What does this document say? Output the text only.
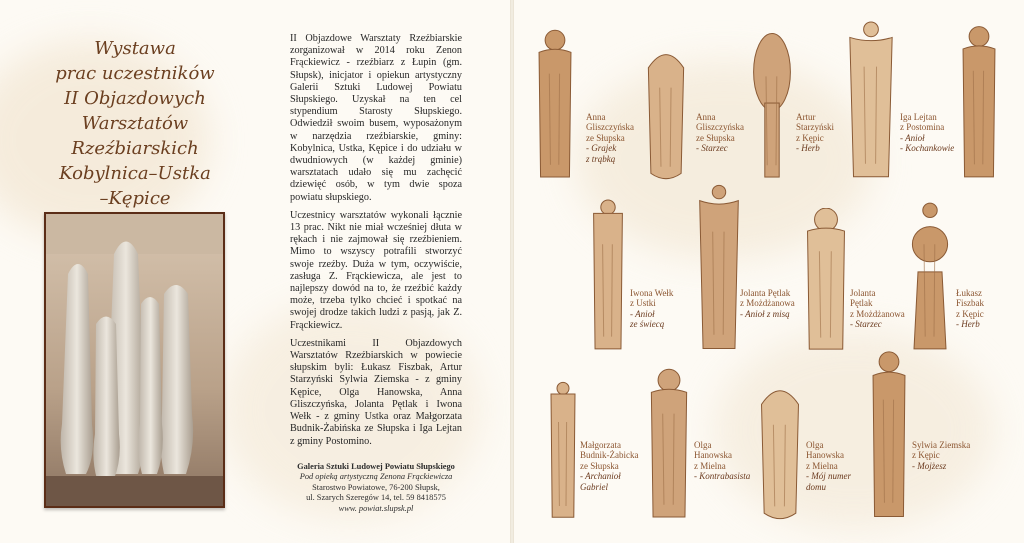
Wystawa
prac uczestników
II Objazdowych
Warsztatów
Rzeźbiarskich
Kobylnica–Ustka
–Kępice

II Objazdowe Warsztaty Rzeźbiarskie zorganizował w 2014 roku Zenon Frąckiewicz - rzeźbiarz z Łupin (gm. Słupsk), inicjator i opiekun artystyczny Galerii Sztuki Ludowej Powiatu Słupskiego. Uzyskał na ten cel stypendium Starosty Słupskiego. Odwiedził swoim busem, wyposażonym w narzędzia rzeźbiarskie, gminy: Kobylnica, Ustka, Kępice i do udziału w dwudniowych (w każdej gminie) warsztatach udało się mu zachęcić dziewięć osób, w tym dwie spoza powiatu słupskiego.

Uczestnicy warsztatów wykonali łącznie 13 prac. Nikt nie miał wcześniej dłuta w rękach i nie zajmował się rzeźbieniem. Mimo to wszyscy potrafili stworzyć swoje rzeźby. Duża w tym, oczywiście, zasługa Z. Frąckiewicza, ale jest to najlepszy dowód na to, że rzeźbić każdy może, trzeba tylko chcieć i spotkać na swojej drodze takich ludzi z pasją, jak Z. Frąckiewicz.

Uczestnikami II Objazdowych Warsztatów Rzeźbiarskich w powiecie słupskim byli: Łukasz Fiszbak, Artur Starzyński Sylwia Ziemska - z gminy Kępice, Olga Hanowska, Anna Gliszczyńska, Jolanta Pętlak i Iwona Wełk - z gminy Ustka oraz Małgorzata Budnik-Żabińska ze Słupska i Iga Lejtan z gminy Postomino.

Galeria Sztuki Ludowej Powiatu Słupskiego
Pod opieką artystyczną Zenona Frąckiewicza
Starostwo Powiatowe, 76-200 Słupsk,
ul. Szarych Szeregów 14, tel. 59 8418575
www. powiat.slupsk.pl
Anna
Gliszczyńska
ze Słupska
- Grajek
z trąbką
Anna
Gliszczyńska
ze Słupska
- Starzec
Artur
Starzyński
z Kępic
- Herb
Iga Lejtan
z Postomina
- Anioł
- Kochankowie
Iwona Wełk
z Ustki
- Anioł
ze świecą
Jolanta Pętlak
z Możdżanowa
- Anioł z misą
Jolanta
Pętlak
z Możdżanowa
- Starzec
Łukasz
Fiszbak
z Kępic
- Herb
Małgorzata
Budnik-Żabicka
ze Słupska
- Archanioł
Gabriel
Olga
Hanowska
z Mielna
- Kontrabasista
Olga
Hanowska
z Mielna
- Mój numer
domu
Sylwia Ziemska
z Kępic
- Mojżesz
